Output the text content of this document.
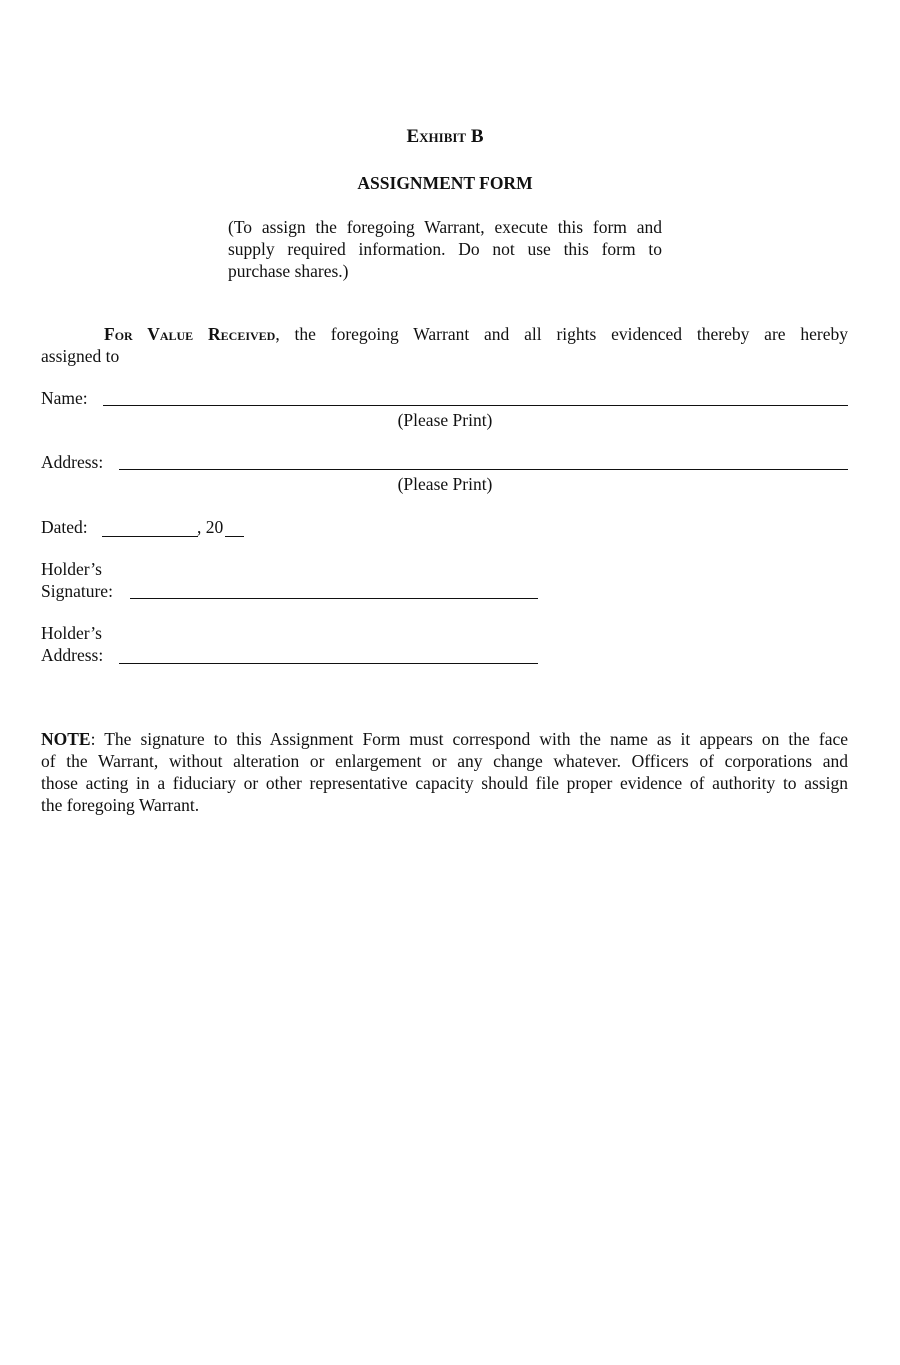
Exhibit B
ASSIGNMENT FORM
(To assign the foregoing Warrant, execute this form and
supply required information. Do not use this form to
purchase shares.)
For Value Received, the foregoing Warrant and all rights evidenced thereby are hereby
assigned to
Name:
(Please Print)
Address:
(Please Print)
Dated:	, 20
Holder’s
Signature:
Holder’s
Address:
NOTE: The signature to this Assignment Form must correspond with the name as it appears on the face
of the Warrant, without alteration or enlargement or any change whatever. Officers of corporations and
those acting in a fiduciary or other representative capacity should file proper evidence of authority to assign
the foregoing Warrant.
